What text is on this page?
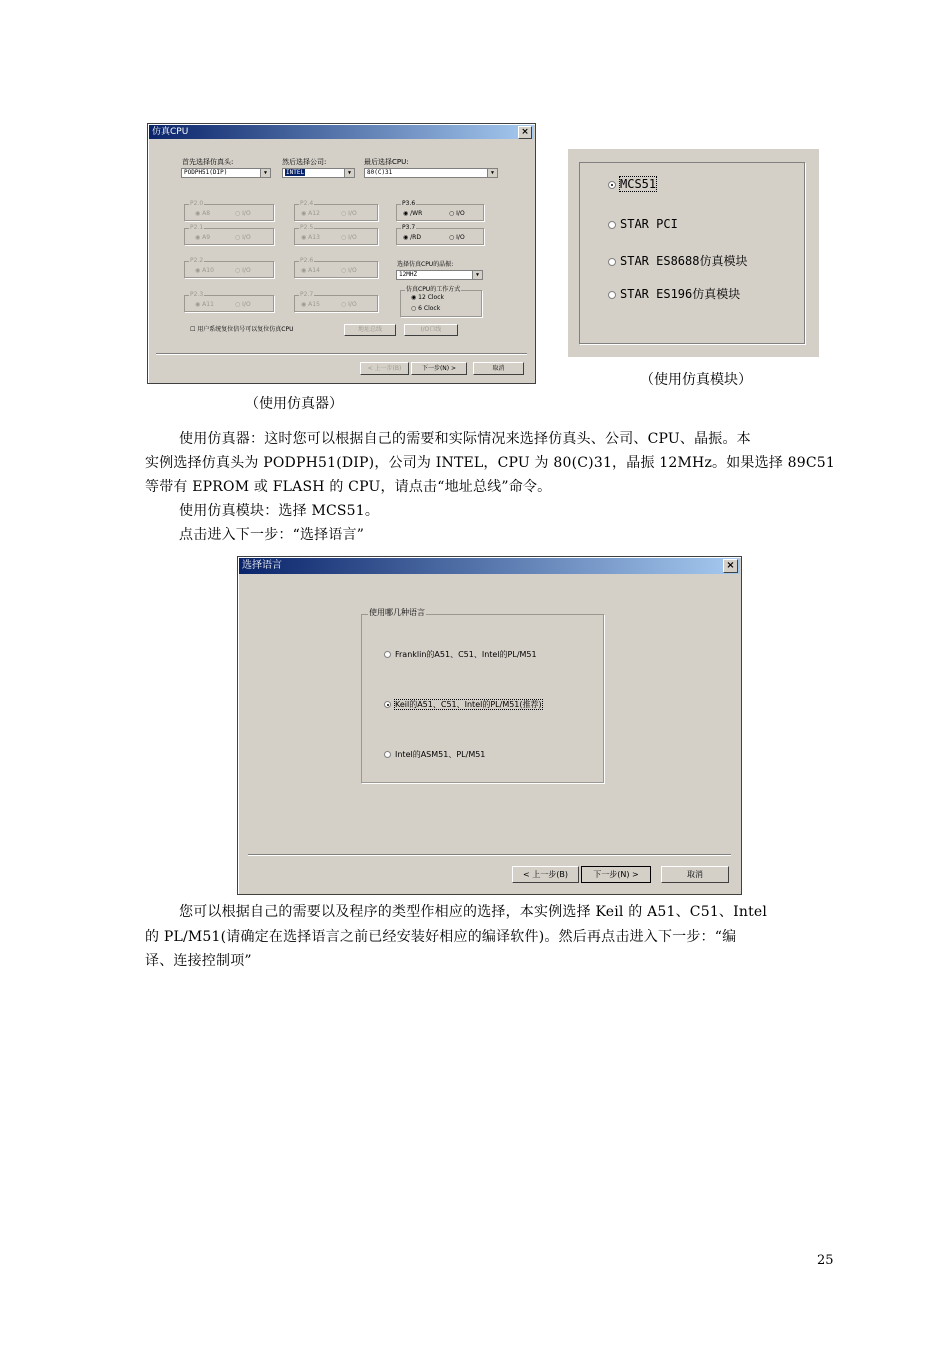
仿真CPU	×
首先选择仿真头:	然后选择公司:	最后选择CPU:
PODPH51(DIP)	▼	INTEL	▼	80(C)31	▼
P2.0
◉ A8	○ I/O
P2.1
◉ A9	○ I/O
P2.2
◉ A10	○ I/O
P2.3
◉ A11	○ I/O
P2.4
◉ A12	○ I/O
P2.5
◉ A13	○ I/O
P2.6
◉ A14	○ I/O
P2.7
◉ A15	○ I/O
P3.6
◉ /WR	○ I/O
P3.7
◉ /RD	○ I/O
选择仿真CPU的晶振:
12MHZ	▼
仿真CPU的工作方式
◉ 12 Clock
○ 6 Clock
☐ 用户系统复位信号可以复位仿真CPU	地址总线	I/O口线
< 上一步(B)	下一步(N) >	取消
（使用仿真器）
MCS51
STAR PCI
STAR ES8688仿真模块
STAR ES196仿真模块
（使用仿真模块）
使用仿真器：这时您可以根据自己的需要和实际情况来选择仿真头、公司、CPU、晶振。本
实例选择仿真头为 PODPH51(DIP)，公司为 INTEL，CPU 为 80(C)31，晶振 12MHz。如果选择 89C51
等带有 EPROM 或 FLASH 的 CPU，请点击“地址总线”命令。
使用仿真模块：选择 MCS51。
点击进入下一步：“选择语言”
选择语言	×
使用哪几种语言
Franklin的A51、C51、Intel的PL/M51
Keil的A51、C51、Intel的PL/M51(推荐)
Intel的ASM51、PL/M51
< 上一步(B)	下一步(N) >	取消
您可以根据自己的需要以及程序的类型作相应的选择，本实例选择 Keil 的 A51、C51、Intel
的 PL/M51(请确定在选择语言之前已经安装好相应的编译软件)。然后再点击进入下一步：“编
译、连接控制项”
25
